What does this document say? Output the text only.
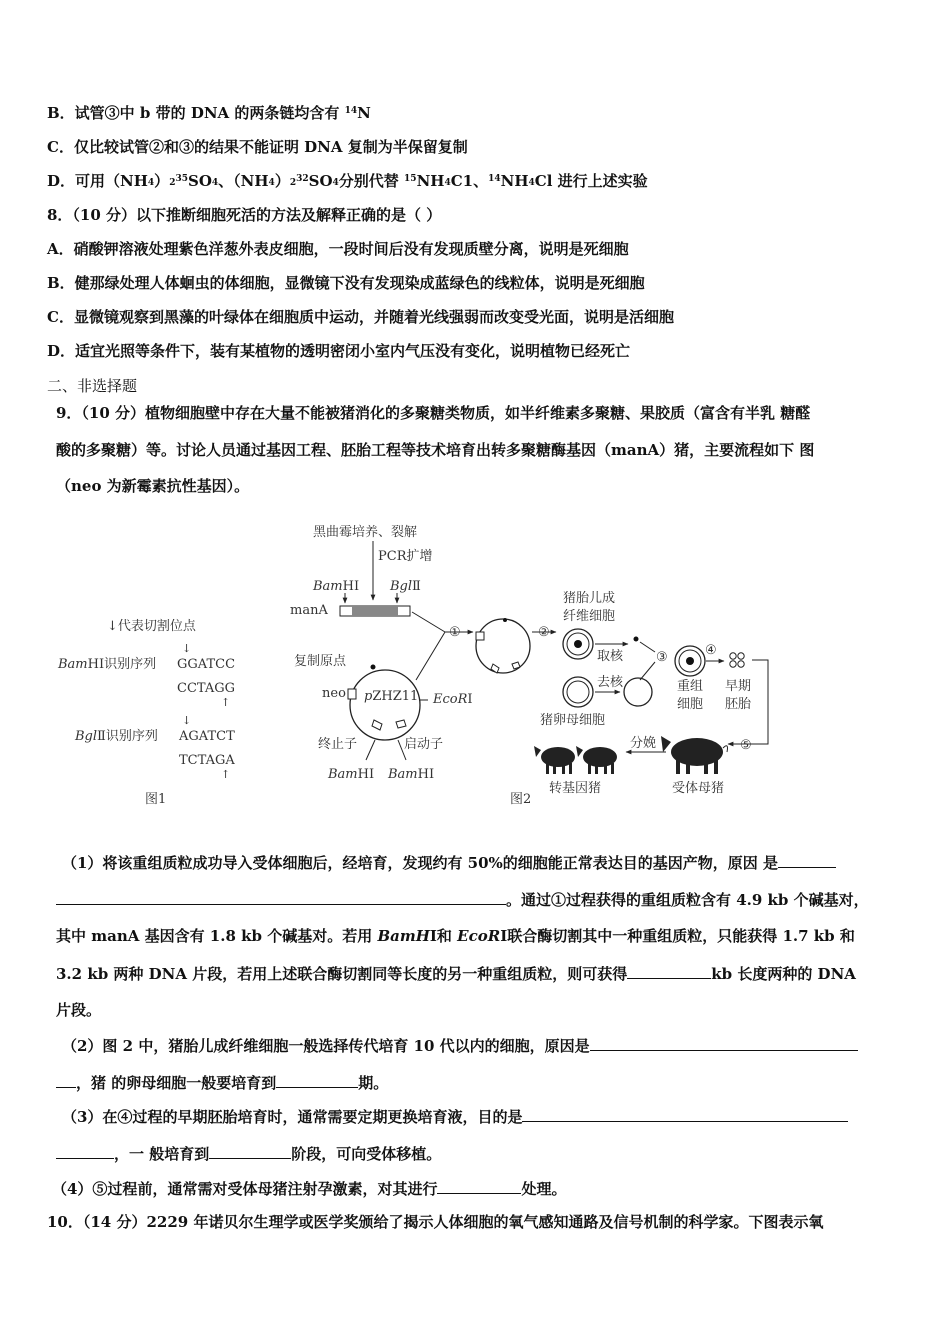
B．试管③中 b 带的 DNA 的两条链均含有 $^{14}$N
C．仅比较试管②和③的结果不能证明 DNA 复制为半保留复制
D．可用$(NH4)2^{35}SO4$、$(NH4)2^{32}SO4$分别代替 $^{15}$NH4C1、$^{14}$NH4Cl 进行上述实验
8．（10 分）以下推断细胞死活的方法及解释正确的是（ ）
A．硝酸钾溶液处理紫色洋葱外表皮细胞，一段时间后没有发现质壁分离，说明是死细胞
B．健那绿处理人体蛔虫的体细胞，显微镜下没有发现染成蓝绿色的线粒体，说明是死细胞
C．显微镜观察到黑藻的叶绿体在细胞质中运动，并随着光线强弱而改变受光面，说明是活细胞
D．适宜光照等条件下，装有某植物的透明密闭小室内气压没有变化，说明植物已经死亡
二、非选择题
9．（10 分）植物细胞壁中存在大量不能被猪消化的多聚糖类物质，如半纤维素多聚糖、果胶质（富含有半乳 糖醛
酸的多聚糖）等。讨论人员通过基因工程、胚胎工程等技术培育出转多聚糖酶基因（manA）猪，主要流程如下 图
（neo 为新霉素抗性基因）。
↓代表切割位点
BamHⅠ识别序列
↓
GGATCC
CCTAGG
↑
BglⅡ识别序列
↓
AGATCT
TCTAGA
↑
图1
黑曲霉培养、裂解
PCR扩增
BamHⅠ BglⅡ
manA
①
复制原点
neo pZHZ11 EcoRⅠ
终止子	启动子
BamHⅠ BamHⅠ
②
猪胎儿成
纤维细胞
取核	③
去核
猪卵母细胞
重组
细胞
④
早期
胚胎
⑤
受体母猪
分娩
转基因猪
图2
（1）将该重组质粒成功导入受体细胞后，经培育，发现约有 50%的细胞能正常表达目的基因产物，原因 是
。通过①过程获得的重组质粒含有 4.9 kb 个碱基对，
其中 manA 基因含有 1.8 kb 个碱基对。若用 BamHⅠ和 EcoRⅠ联合酶切割其中一种重组质粒，只能获得 1.7 kb 和
3.2 kb 两种 DNA 片段，若用上述联合酶切割同等长度的另一种重组质粒，则可获得	kb 长度两种的 DNA
片段。
（2）图 2 中，猪胎儿成纤维细胞一般选择传代培育 10 代以内的细胞，原因是
，猪 的卵母细胞一般要培育到	期。
（3）在④过程的早期胚胎培育时，通常需要定期更换培育液，目的是
，一 般培育到	阶段，可向受体移植。
（4）⑤过程前，通常需对受体母猪注射孕激素，对其进行	处理。
10．（14 分）2229 年诺贝尔生理学或医学奖颁给了揭示人体细胞的氧气感知通路及信号机制的科学家。下图表示氧
